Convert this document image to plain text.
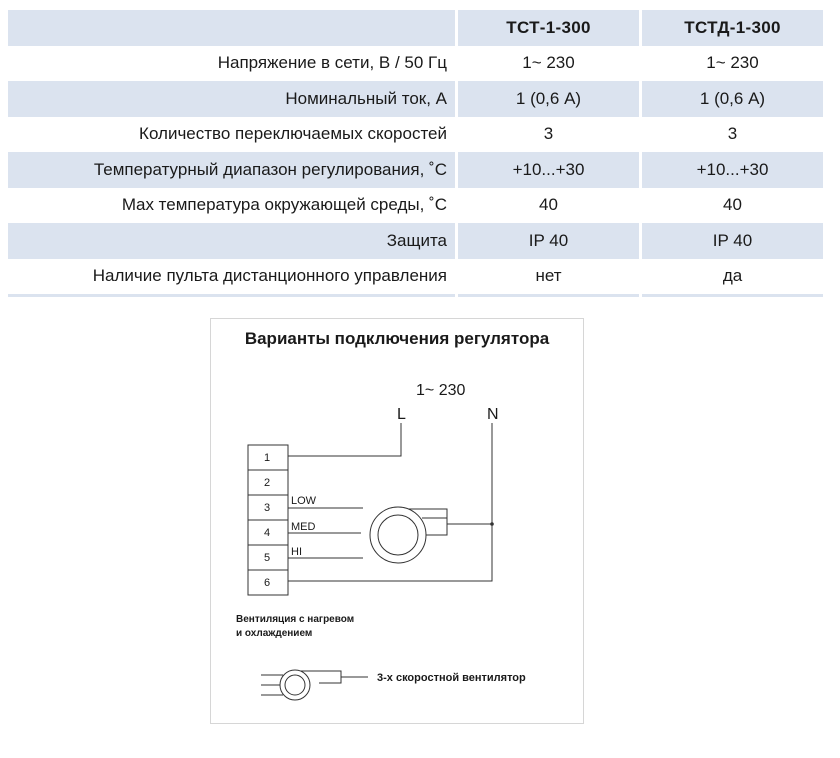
		ТСТ-1-300		ТСТД-1-300
Напряжение в сети, В / 50 Гц		1~ 230		1~ 230
Номинальный ток, А		1 (0,6 А)		1 (0,6 А)
Количество переключаемых скоростей		3		3
Температурный диапазон регулирования, ˚С		+10...+30		+10...+30
Max температура окружающей среды, ˚С		40		40
Защита		IP 40		IP 40
Наличие пульта дистанционного управления		нет		да
Варианты подключения регулятора
1~ 230
L	N
1
2
3
4
5
6
LOW
MED
HI
Вентиляция с нагревом
и охлаждением
3-х скоростной вентилятор
